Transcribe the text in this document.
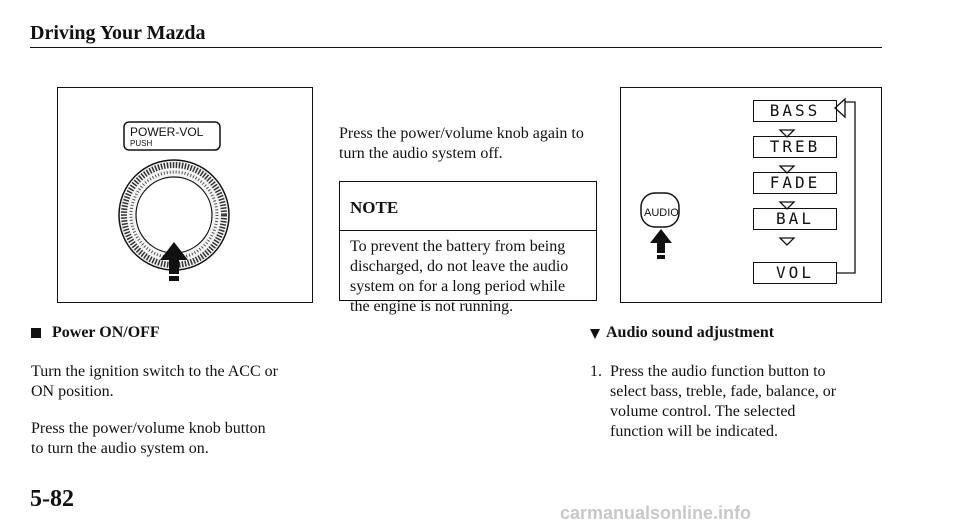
Driving Your Mazda
POWER-VOL
PUSH
Power ON/OFF
Turn the ignition switch to the ACC or
ON position.
Press the power/volume knob button
to turn the audio system on.
Press the power/volume knob again to
turn the audio system off.
NOTE
To prevent the battery from being
discharged, do not leave the audio
system on for a long period while
the engine is not running.
AUDIO
BASS
TREB
FADE
BAL
VOL
Audio sound adjustment
1. Press the audio function button to
select bass, treble, fade, balance, or
volume control. The selected
function will be indicated.
5-82
carmanualsonline.info
